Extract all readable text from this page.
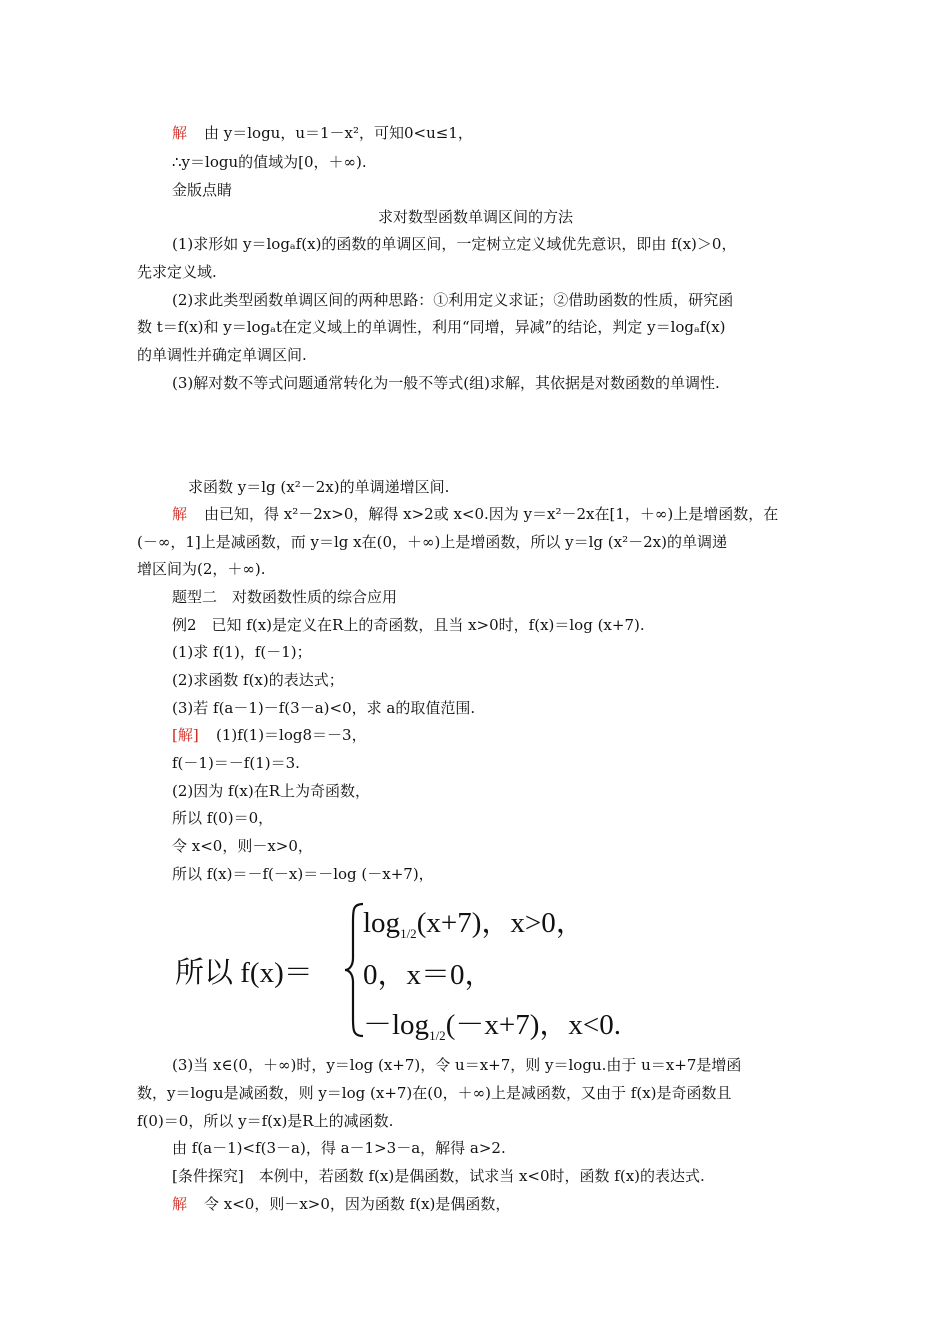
解 由 y＝logu，u＝1－x²，可知0<u≤1，
∴y＝logu的值域为[0，＋∞).
金版点睛
求对数型函数单调区间的方法
(1)求形如 y＝logₐf(x)的函数的单调区间，一定树立定义域优先意识，即由 f(x)＞0，
先求定义域.
(2)求此类型函数单调区间的两种思路：①利用定义求证；②借助函数的性质，研究函
数 t＝f(x)和 y＝logₐt在定义域上的单调性，利用“同增，异减”的结论，判定 y＝logₐf(x)
的单调性并确定单调区间.
(3)解对数不等式问题通常转化为一般不等式(组)求解，其依据是对数函数的单调性.
求函数 y＝lg (x²－2x)的单调递增区间.
解 由已知，得 x²－2x>0，解得 x>2或 x<0.因为 y＝x²－2x在[1，＋∞)上是增函数，在
(－∞，1]上是减函数，而 y＝lg x在(0，＋∞)上是增函数，所以 y＝lg (x²－2x)的单调递
增区间为(2，＋∞).
题型二　对数函数性质的综合应用
例2　已知 f(x)是定义在R上的奇函数，且当 x>0时，f(x)＝log (x+7).
(1)求 f(1)，f(－1)；
(2)求函数 f(x)的表达式；
(3)若 f(a－1)－f(3－a)<0，求 a的取值范围.
[解] (1)f(1)＝log8＝－3，
f(－1)＝－f(1)＝3.
(2)因为 f(x)在R上为奇函数，
所以 f(0)＝0，
令 x<0，则－x>0，
所以 f(x)＝－f(－x)＝－log (－x+7)，
所以 f(x)＝
$\log_{1/2}(x+7)$，x>0，
0，x＝0，
$-\log_{1/2}(-x+7)$，x<0.
(3)当 x∈(0，＋∞)时，y＝log (x+7)，令 u＝x+7，则 y＝logu.由于 u＝x+7是增函
数，y＝logu是减函数，则 y＝log (x+7)在(0，＋∞)上是减函数，又由于 f(x)是奇函数且
f(0)＝0，所以 y＝f(x)是R上的减函数.
由 f(a－1)<f(3－a)，得 a－1>3－a，解得 a>2.
[条件探究]　本例中，若函数 f(x)是偶函数，试求当 x<0时，函数 f(x)的表达式.
解 令 x<0，则－x>0，因为函数 f(x)是偶函数，
